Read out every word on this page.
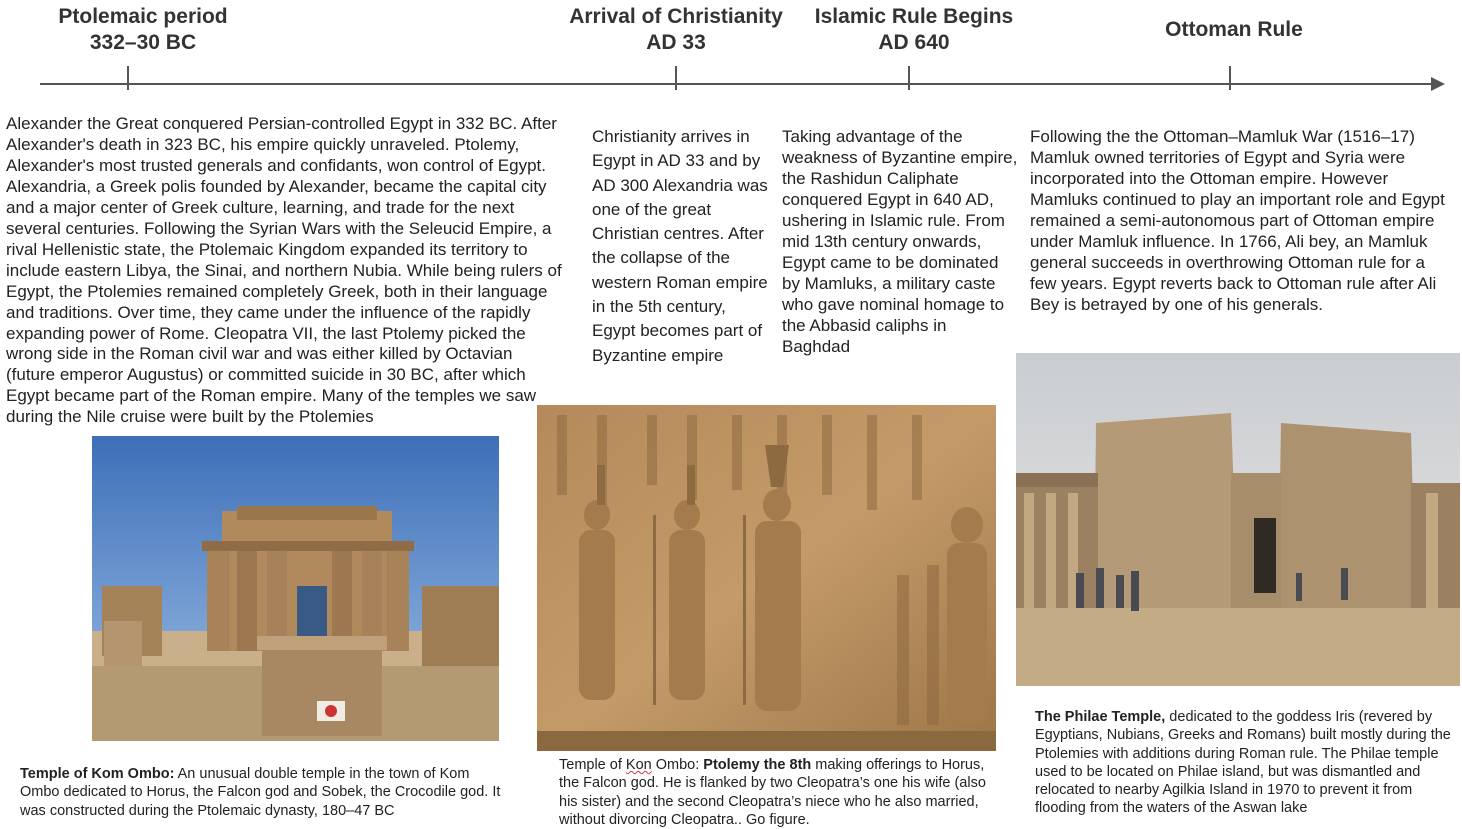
Ptolemaic period
332–30 BC
Arrival of Christianity
AD 33
Islamic Rule Begins
AD 640
Ottoman Rule
Alexander the Great conquered Persian-controlled Egypt in 332 BC. After Alexander's death in 323 BC, his empire quickly unraveled. Ptolemy, Alexander's most trusted generals and confidants, won control of Egypt. Alexandria, a Greek polis founded by Alexander, became the capital city and a major center of Greek culture, learning, and trade for the next several centuries. Following the Syrian Wars with the Seleucid Empire, a rival Hellenistic state, the Ptolemaic Kingdom expanded its territory to include eastern Libya, the Sinai, and northern Nubia. While being rulers of Egypt, the Ptolemies remained completely Greek, both in their language and traditions. Over time, they came under the influence of the rapidly expanding power of Rome. Cleopatra VII, the last Ptolemy picked the wrong side in the Roman civil war and was either killed by Octavian (future emperor Augustus) or committed suicide in 30 BC, after which Egypt became part of the Roman empire. Many of the temples we saw during the Nile cruise were built by the Ptolemies
Christianity arrives in Egypt in AD 33 and by AD 300 Alexandria was one of the great Christian centres. After the collapse of the western Roman empire in the 5th century, Egypt becomes part of Byzantine empire
Taking advantage of the weakness of Byzantine empire, the Rashidun Caliphate conquered Egypt in 640 AD, ushering in Islamic rule. From mid 13th century onwards, Egypt came to be dominated by Mamluks, a military caste who gave nominal homage to the Abbasid caliphs in Baghdad
Following the the Ottoman–Mamluk War (1516–17) Mamluk owned territories of Egypt and Syria were incorporated into the Ottoman empire. However Mamluks continued to play an important role and Egypt remained a semi-autonomous part of Ottoman empire under Mamluk influence. In 1766, Ali bey, an Mamluk general succeeds in overthrowing Ottoman rule for a few years. Egypt reverts back to Ottoman rule after Ali Bey is betrayed by one of his generals.
Temple of Kom Ombo: An unusual double temple in the town of Kom Ombo dedicated to Horus, the Falcon god and Sobek, the Crocodile god. It was constructed during the Ptolemaic dynasty, 180–47 BC
Temple of Kon Ombo: Ptolemy the 8th making offerings to Horus, the Falcon god. He is flanked by two Cleopatra’s one his wife (also his sister) and the second Cleopatra’s niece who he also married, without divorcing Cleopatra.. Go figure.
The Philae Temple, dedicated to the goddess Iris (revered by Egyptians, Nubians, Greeks and Romans) built mostly during the Ptolemies with additions during Roman rule. The Philae temple used to be located on Philae island, but was dismantled and relocated to nearby Agilkia Island in 1970 to prevent it from flooding from the waters of the Aswan lake
